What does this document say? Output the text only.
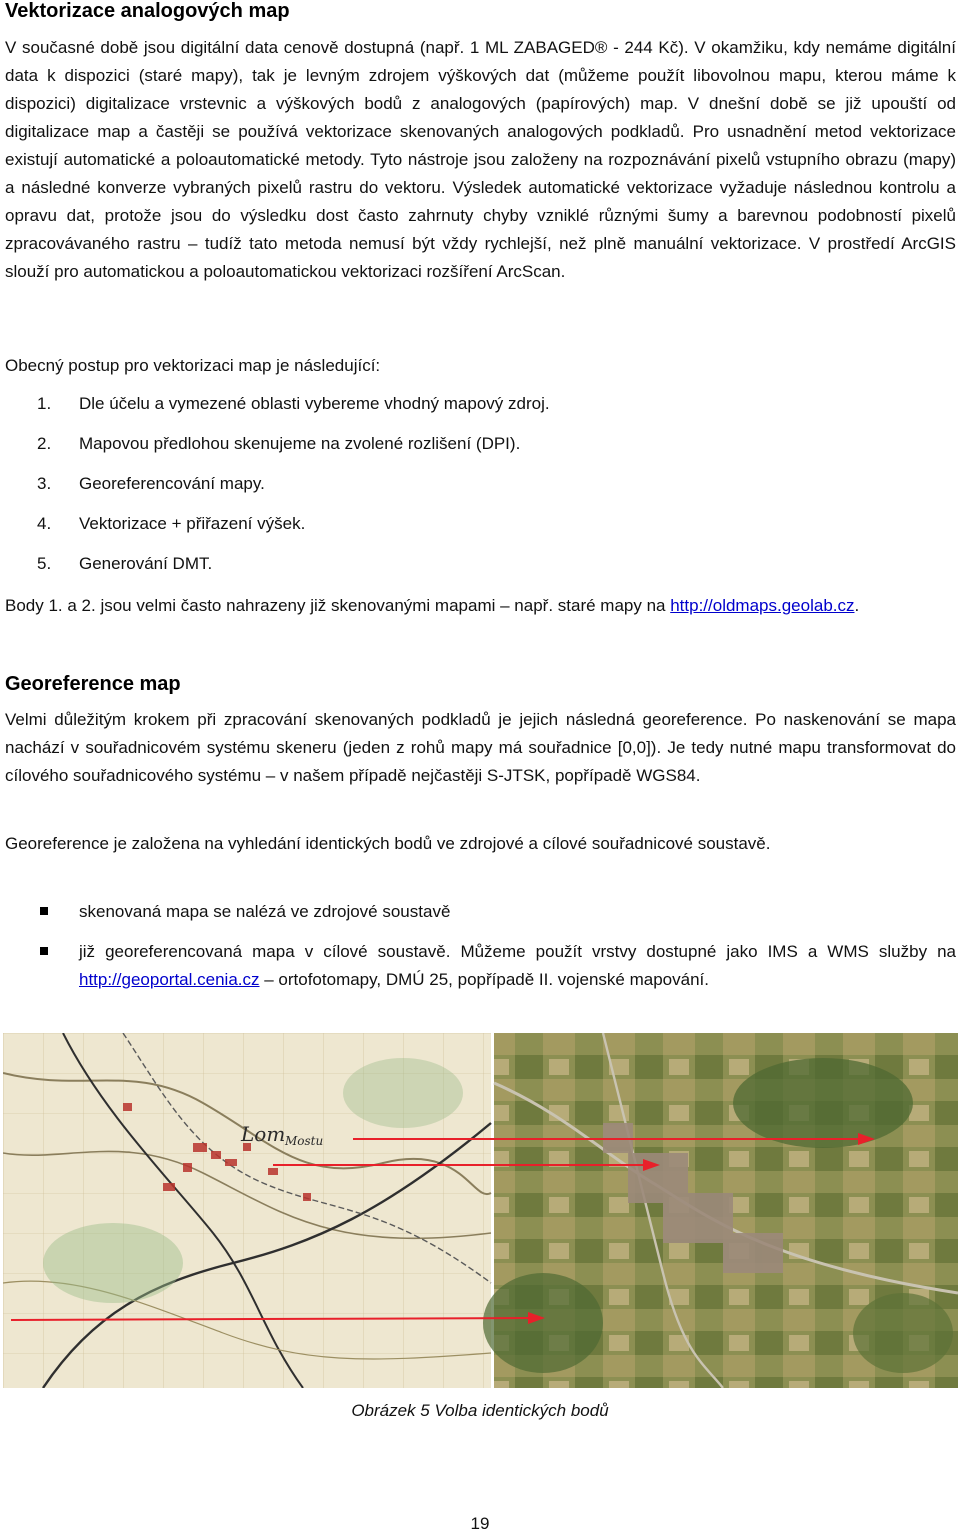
Vektorizace analogových map

V současné době jsou digitální data cenově dostupná (např. 1 ML ZABAGED® - 244 Kč). V okamžiku, kdy nemáme digitální data k dispozici (staré mapy), tak je levným zdrojem výškových dat (můžeme použít libovolnou mapu, kterou máme k dispozici) digitalizace vrstevnic a výškových bodů z analogových (papírových) map. V dnešní době se již upouští od digitalizace map a častěji se používá vektorizace skenovaných analogových podkladů. Pro usnadnění metod vektorizace existují automatické a poloautomatické metody. Tyto nástroje jsou založeny na rozpoznávání pixelů vstupního obrazu (mapy) a následné konverze vybraných pixelů rastru do vektoru. Výsledek automatické vektorizace vyžaduje následnou kontrolu a opravu dat, protože jsou do výsledku dost často zahrnuty chyby vzniklé různými šumy a barevnou podobností pixelů zpracovávaného rastru – tudíž tato metoda nemusí být vždy rychlejší, než plně manuální vektorizace. V prostředí ArcGIS slouží pro automatickou a poloautomatickou vektorizaci rozšíření ArcScan.

Obecný postup pro vektorizaci map je následující:

1.	Dle účelu a vymezené oblasti vybereme vhodný mapový zdroj.
2.	Mapovou předlohou skenujeme na zvolené rozlišení (DPI).
3.	Georeferencování mapy.
4.	Vektorizace + přiřazení výšek.
5.	Generování DMT.

Body 1. a 2. jsou velmi často nahrazeny již skenovanými mapami – např. staré mapy na http://oldmaps.geolab.cz.

Georeference map

Velmi důležitým krokem při zpracování skenovaných podkladů je jejich následná georeference. Po naskenování se mapa nachází v souřadnicovém systému skeneru (jeden z rohů mapy má souřadnice [0,0]). Je tedy nutné mapu transformovat do cílového souřadnicového systému – v našem případě nejčastěji S-JTSK, popřípadě WGS84.

Georeference je založena na vyhledání identických bodů ve zdrojové a cílové souřadnicové soustavě.

skenovaná mapa se nalézá ve zdrojové soustavě
již georeferencovaná mapa v cílové soustavě. Můžeme použít vrstvy dostupné jako IMS a WMS služby na http://geoportal.cenia.cz – ortofotomapy, DMÚ 25, popřípadě II. vojenské mapování.
Lom Mostu
Obrázek 5 Volba identických bodů
19
